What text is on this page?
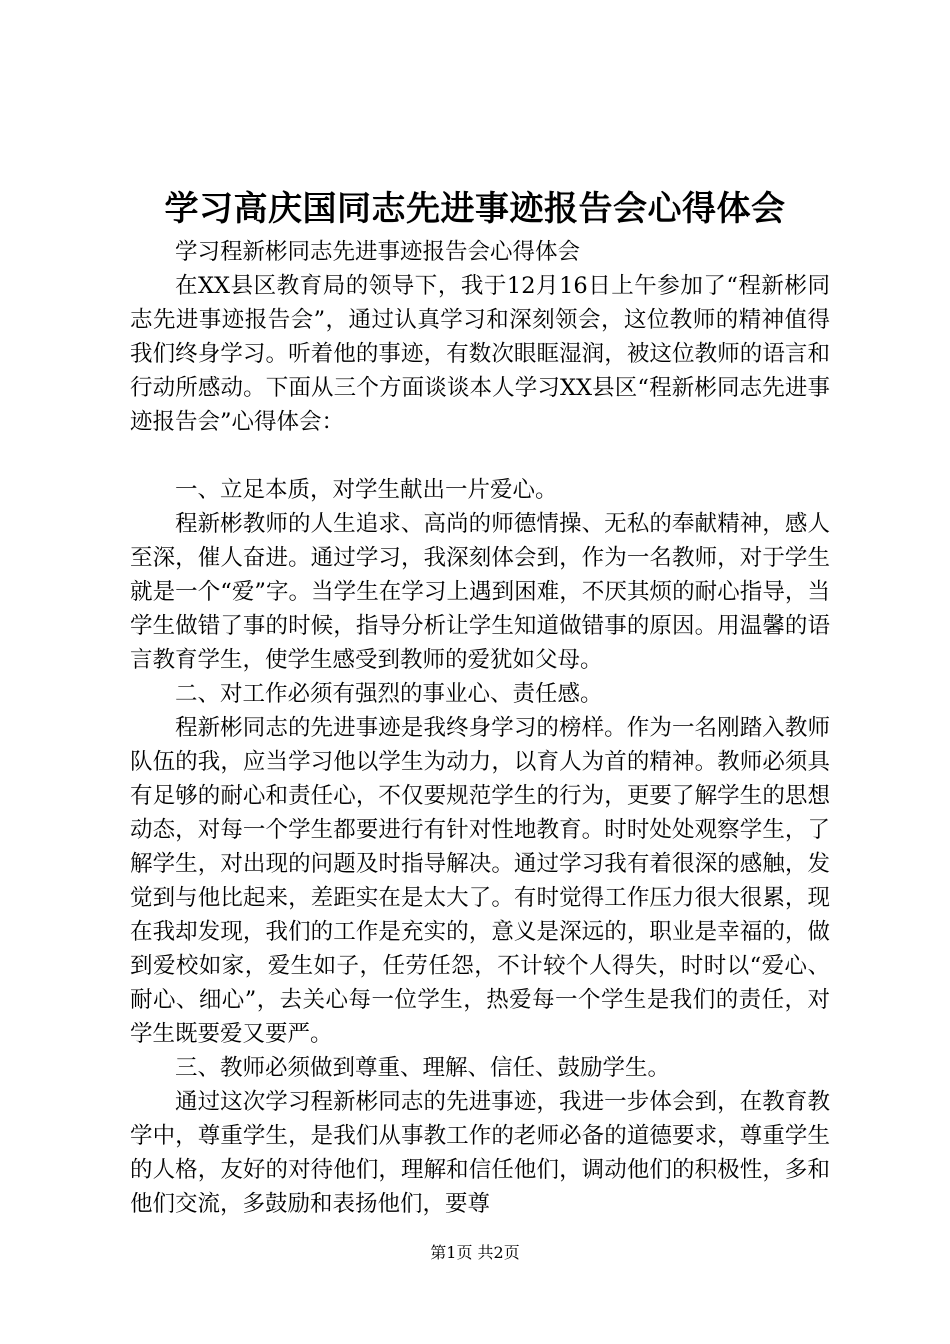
学习高庆国同志先进事迹报告会心得体会

学习程新彬同志先进事迹报告会心得体会

在XX县区教育局的领导下，我于12月16日上午参加了“程新彬同志先进事迹报告会”，通过认真学习和深刻领会，这位教师的精神值得我们终身学习。听着他的事迹，有数次眼眶湿润，被这位教师的语言和行动所感动。下面从三个方面谈谈本人学习XX县区“程新彬同志先进事迹报告会”心得体会：

一、立足本质，对学生献出一片爱心。

程新彬教师的人生追求、高尚的师德情操、无私的奉献精神，感人至深，催人奋进。通过学习，我深刻体会到，作为一名教师，对于学生就是一个“爱”字。当学生在学习上遇到困难，不厌其烦的耐心指导，当学生做错了事的时候，指导分析让学生知道做错事的原因。用温馨的语言教育学生，使学生感受到教师的爱犹如父母。

二、对工作必须有强烈的事业心、责任感。

程新彬同志的先进事迹是我终身学习的榜样。作为一名刚踏入教师队伍的我，应当学习他以学生为动力，以育人为首的精神。教师必须具有足够的耐心和责任心，不仅要规范学生的行为，更要了解学生的思想动态，对每一个学生都要进行有针对性地教育。时时处处观察学生，了解学生，对出现的问题及时指导解决。通过学习我有着很深的感触，发觉到与他比起来，差距实在是太大了。有时觉得工作压力很大很累，现在我却发现，我们的工作是充实的，意义是深远的，职业是幸福的，做到爱校如家，爱生如子，任劳任怨，不计较个人得失，时时以“爱心、耐心、细心”，去关心每一位学生，热爱每一个学生是我们的责任，对学生既要爱又要严。

三、教师必须做到尊重、理解、信任、鼓励学生。

通过这次学习程新彬同志的先进事迹，我进一步体会到，在教育教学中，尊重学生，是我们从事教工作的老师必备的道德要求，尊重学生的人格，友好的对待他们，理解和信任他们，调动他们的积极性，多和他们交流，多鼓励和表扬他们，要尊

第1页 共2页
